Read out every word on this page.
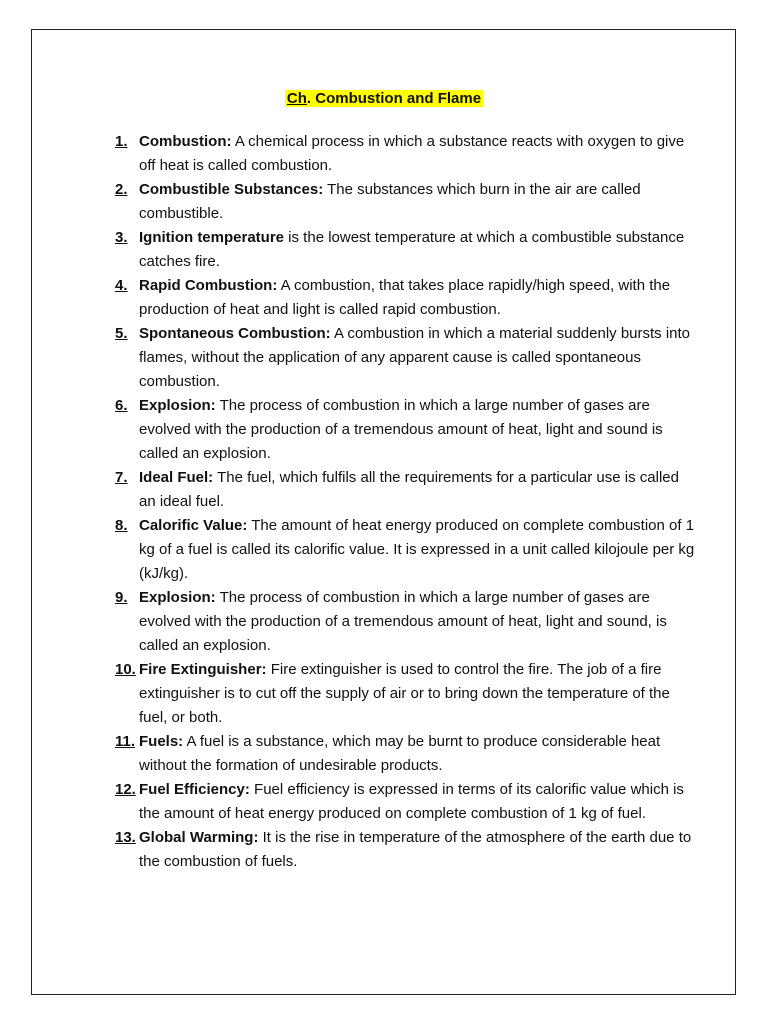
Ch. Combustion and Flame
1. Combustion: A chemical process in which a substance reacts with oxygen to give off heat is called combustion.
2. Combustible Substances: The substances which burn in the air are called combustible.
3. Ignition temperature is the lowest temperature at which a combustible substance catches fire.
4. Rapid Combustion: A combustion, that takes place rapidly/high speed, with the production of heat and light is called rapid combustion.
5. Spontaneous Combustion: A combustion in which a material suddenly bursts into flames, without the application of any apparent cause is called spontaneous combustion.
6. Explosion: The process of combustion in which a large number of gases are evolved with the production of a tremendous amount of heat, light and sound is called an explosion.
7. Ideal Fuel: The fuel, which fulfils all the requirements for a particular use is called an ideal fuel.
8. Calorific Value: The amount of heat energy produced on complete combustion of 1 kg of a fuel is called its calorific value. It is expressed in a unit called kilojoule per kg (kJ/kg).
9. Explosion: The process of combustion in which a large number of gases are evolved with the production of a tremendous amount of heat, light and sound, is called an explosion.
10. Fire Extinguisher: Fire extinguisher is used to control the fire. The job of a fire extinguisher is to cut off the supply of air or to bring down the temperature of the fuel, or both.
11. Fuels: A fuel is a substance, which may be burnt to produce considerable heat without the formation of undesirable products.
12. Fuel Efficiency: Fuel efficiency is expressed in terms of its calorific value which is the amount of heat energy produced on complete combustion of 1 kg of fuel.
13. Global Warming: It is the rise in temperature of the atmosphere of the earth due to the combustion of fuels.
